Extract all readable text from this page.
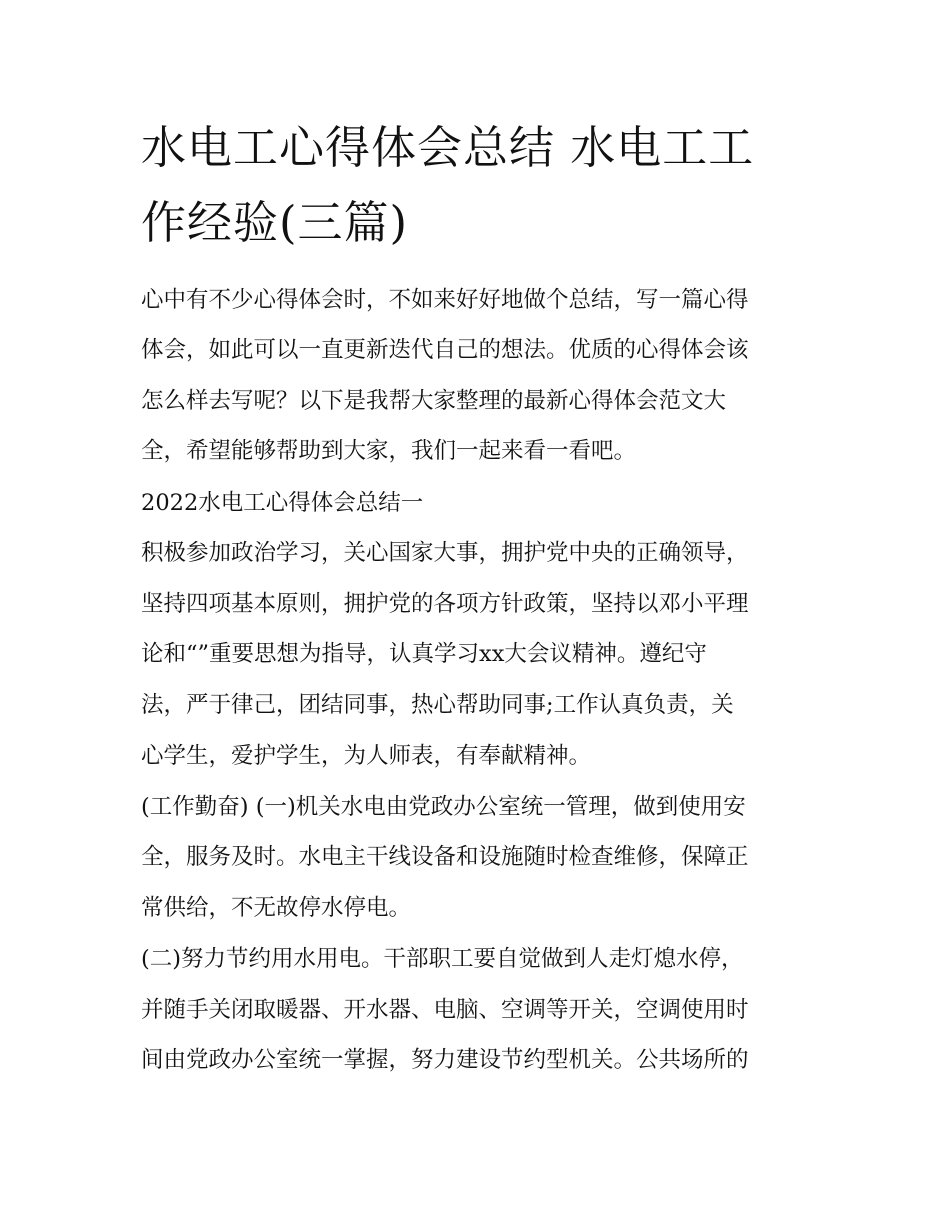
水电工心得体会总结 水电工工
作经验(三篇)

心中有不少心得体会时，不如来好好地做个总结，写一篇心得

体会，如此可以一直更新迭代自己的想法。优质的心得体会该

怎么样去写呢？以下是我帮大家整理的最新心得体会范文大

全，希望能够帮助到大家，我们一起来看一看吧。

2022水电工心得体会总结一

积极参加政治学习，关心国家大事，拥护党中央的正确领导，

坚持四项基本原则，拥护党的各项方针政策，坚持以邓小平理

论和“”重要思想为指导，认真学习xx大会议精神。遵纪守

法，严于律己，团结同事，热心帮助同事;工作认真负责，关

心学生，爱护学生，为人师表，有奉献精神。

(工作勤奋) (一)机关水电由党政办公室统一管理，做到使用安

全，服务及时。水电主干线设备和设施随时检查维修，保障正

常供给，不无故停水停电。

(二)努力节约用水用电。干部职工要自觉做到人走灯熄水停，

并随手关闭取暖器、开水器、电脑、空调等开关，空调使用时

间由党政办公室统一掌握，努力建设节约型机关。公共场所的
